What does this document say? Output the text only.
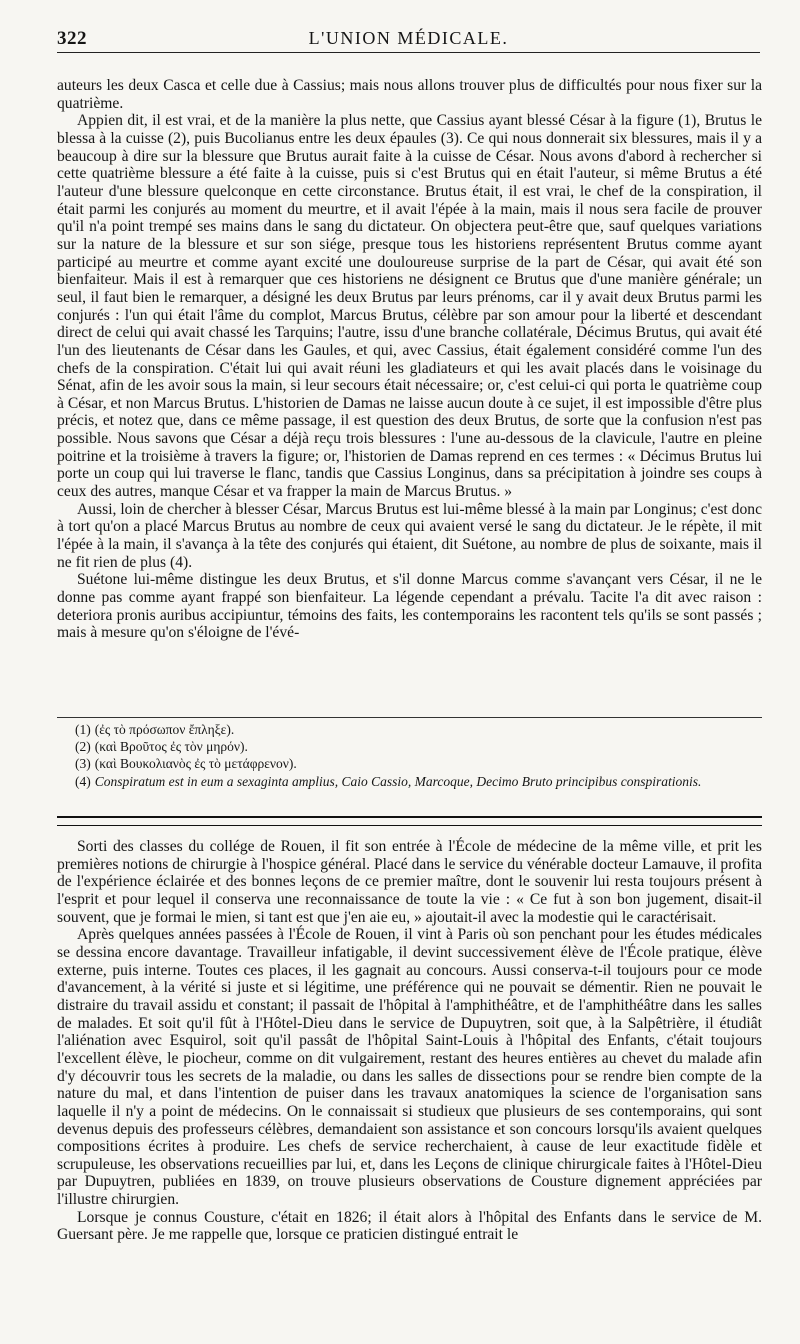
322	L'UNION MÉDICALE.

auteurs les deux Casca et celle due à Cassius; mais nous allons trouver plus de difficultés pour nous fixer sur la quatrième.

Appien dit, il est vrai, et de la manière la plus nette, que Cassius ayant blessé César à la figure (1), Brutus le blessa à la cuisse (2), puis Bucolianus entre les deux épaules (3). Ce qui nous donnerait six blessures, mais il y a beaucoup à dire sur la blessure que Brutus aurait faite à la cuisse de César. Nous avons d'abord à rechercher si cette quatrième blessure a été faite à la cuisse, puis si c'est Brutus qui en était l'auteur, si même Brutus a été l'auteur d'une blessure quelconque en cette circonstance. Brutus était, il est vrai, le chef de la conspiration, il était parmi les conjurés au moment du meurtre, et il avait l'épée à la main, mais il nous sera facile de prouver qu'il n'a point trempé ses mains dans le sang du dictateur. On objectera peut-être que, sauf quelques variations sur la nature de la blessure et sur son siége, presque tous les historiens représentent Brutus comme ayant participé au meurtre et comme ayant excité une douloureuse surprise de la part de César, qui avait été son bienfaiteur. Mais il est à remarquer que ces historiens ne désignent ce Brutus que d'une manière générale; un seul, il faut bien le remarquer, a désigné les deux Brutus par leurs prénoms, car il y avait deux Brutus parmi les conjurés : l'un qui était l'âme du complot, Marcus Brutus, célèbre par son amour pour la liberté et descendant direct de celui qui avait chassé les Tarquins; l'autre, issu d'une branche collatérale, Décimus Brutus, qui avait été l'un des lieutenants de César dans les Gaules, et qui, avec Cassius, était également considéré comme l'un des chefs de la conspiration. C'était lui qui avait réuni les gladiateurs et qui les avait placés dans le voisinage du Sénat, afin de les avoir sous la main, si leur secours était nécessaire; or, c'est celui-ci qui porta le quatrième coup à César, et non Marcus Brutus. L'historien de Damas ne laisse aucun doute à ce sujet, il est impossible d'être plus précis, et notez que, dans ce même passage, il est question des deux Brutus, de sorte que la confusion n'est pas possible. Nous savons que César a déjà reçu trois blessures : l'une au-dessous de la clavicule, l'autre en pleine poitrine et la troisième à travers la figure; or, l'historien de Damas reprend en ces termes : « Décimus Brutus lui porte un coup qui lui traverse le flanc, tandis que Cassius Longinus, dans sa précipitation à joindre ses coups à ceux des autres, manque César et va frapper la main de Marcus Brutus. »

Aussi, loin de chercher à blesser César, Marcus Brutus est lui-même blessé à la main par Longinus; c'est donc à tort qu'on a placé Marcus Brutus au nombre de ceux qui avaient versé le sang du dictateur. Je le répète, il mit l'épée à la main, il s'avança à la tête des conjurés qui étaient, dit Suétone, au nombre de plus de soixante, mais il ne fit rien de plus (4).

Suétone lui-même distingue les deux Brutus, et s'il donne Marcus comme s'avançant vers César, il ne le donne pas comme ayant frappé son bienfaiteur. La légende cependant a prévalu. Tacite l'a dit avec raison : deteriora pronis auribus accipiuntur, témoins des faits, les contemporains les racontent tels qu'ils se sont passés ; mais à mesure qu'on s'éloigne de l'évé-

(1) (ἐς τὸ πρόσωπον ἔπληξε).

(2) (καὶ Βροῦτος ἐς τὸν μηρόν).

(3) (καὶ Βουκολιανὸς ἐς τὸ μετάφρενον).

(4) Conspiratum est in eum a sexaginta amplius, Caio Cassio, Marcoque, Decimo Bruto principibus conspirationis.

Sorti des classes du collége de Rouen, il fit son entrée à l'École de médecine de la même ville, et prit les premières notions de chirurgie à l'hospice général. Placé dans le service du vénérable docteur Lamauve, il profita de l'expérience éclairée et des bonnes leçons de ce premier maître, dont le souvenir lui resta toujours présent à l'esprit et pour lequel il conserva une reconnaissance de toute la vie : « Ce fut à son bon jugement, disait-il souvent, que je formai le mien, si tant est que j'en aie eu, » ajoutait-il avec la modestie qui le caractérisait.

Après quelques années passées à l'École de Rouen, il vint à Paris où son penchant pour les études médicales se dessina encore davantage. Travailleur infatigable, il devint successivement élève de l'École pratique, élève externe, puis interne. Toutes ces places, il les gagnait au concours. Aussi conserva-t-il toujours pour ce mode d'avancement, à la vérité si juste et si légitime, une préférence qui ne pouvait se démentir. Rien ne pouvait le distraire du travail assidu et constant; il passait de l'hôpital à l'amphithéâtre, et de l'amphithéâtre dans les salles de malades. Et soit qu'il fût à l'Hôtel-Dieu dans le service de Dupuytren, soit que, à la Salpêtrière, il étudiât l'aliénation avec Esquirol, soit qu'il passât de l'hôpital Saint-Louis à l'hôpital des Enfants, c'était toujours l'excellent élève, le piocheur, comme on dit vulgairement, restant des heures entières au chevet du malade afin d'y découvrir tous les secrets de la maladie, ou dans les salles de dissections pour se rendre bien compte de la nature du mal, et dans l'intention de puiser dans les travaux anatomiques la science de l'organisation sans laquelle il n'y a point de médecins. On le connaissait si studieux que plusieurs de ses contemporains, qui sont devenus depuis des professeurs célèbres, demandaient son assistance et son concours lorsqu'ils avaient quelques compositions écrites à produire. Les chefs de service recherchaient, à cause de leur exactitude fidèle et scrupuleuse, les observations recueillies par lui, et, dans les Leçons de clinique chirurgicale faites à l'Hôtel-Dieu par Dupuytren, publiées en 1839, on trouve plusieurs observations de Cousture dignement appréciées par l'illustre chirurgien.

Lorsque je connus Cousture, c'était en 1826; il était alors à l'hôpital des Enfants dans le service de M. Guersant père. Je me rappelle que, lorsque ce praticien distingué entrait le
